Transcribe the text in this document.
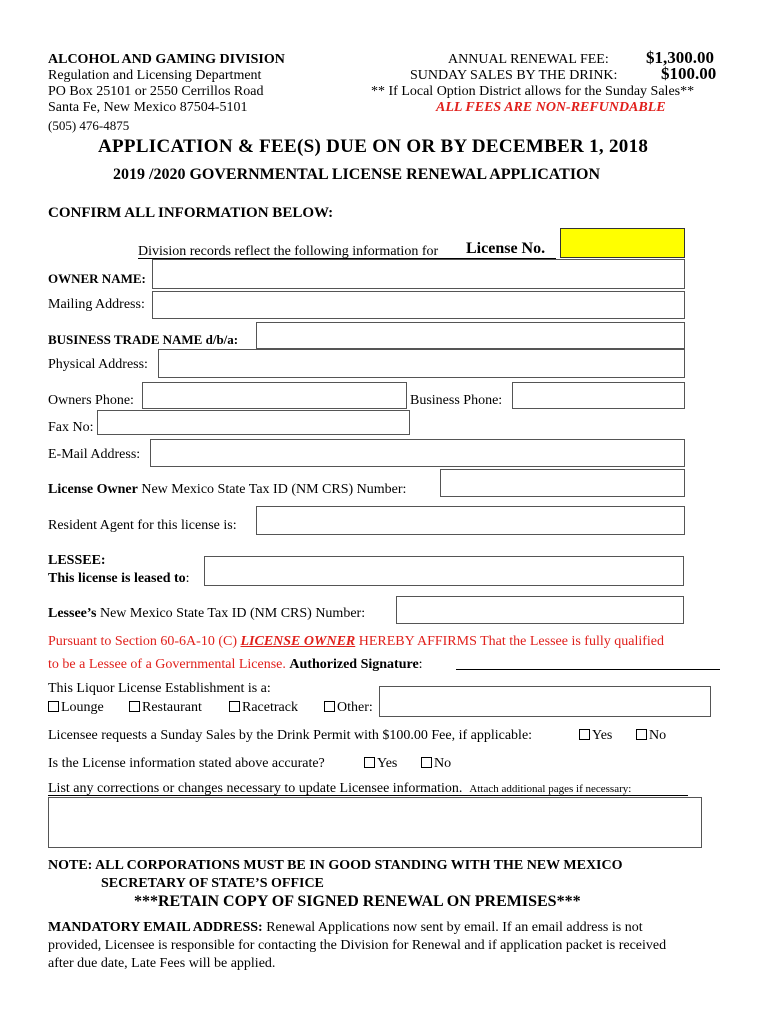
ALCOHOL AND GAMING DIVISION
Regulation and Licensing Department
PO Box 25101 or 2550 Cerrillos Road
Santa Fe, New Mexico 87504-5101
(505) 476-4875
ANNUAL RENEWAL FEE: $1,300.00
SUNDAY SALES BY THE DRINK:	$100.00
** If Local Option District allows for the Sunday Sales**
ALL FEES ARE NON-REFUNDABLE
APPLICATION & FEE(S) DUE ON OR BY DECEMBER 1, 2018
2019 /2020 GOVERNMENTAL LICENSE RENEWAL APPLICATION
CONFIRM ALL INFORMATION BELOW:
Division records reflect the following information for License No.
OWNER NAME:
Mailing Address:
BUSINESS TRADE NAME d/b/a:
Physical Address:
Owners Phone:	Business Phone:
Fax No:
E-Mail Address:
License Owner New Mexico State Tax ID (NM CRS) Number:
Resident Agent for this license is:
LESSEE:
This license is leased to:
Lessee’s New Mexico State Tax ID (NM CRS) Number:
Pursuant to Section 60-6A-10 (C) LICENSE OWNER HEREBY AFFIRMS That the Lessee is fully qualified
to be a Lessee of a Governmental License. Authorized Signature:
This Liquor License Establishment is a:
Lounge	Restaurant	Racetrack	Other:
Licensee requests a Sunday Sales by the Drink Permit with $100.00 Fee, if applicable:	Yes	No
Is the License information stated above accurate?	Yes	No
List any corrections or changes necessary to update Licensee information. Attach additional pages if necessary:
NOTE: ALL CORPORATIONS MUST BE IN GOOD STANDING WITH THE NEW MEXICO
SECRETARY OF STATE’S OFFICE
***RETAIN COPY OF SIGNED RENEWAL ON PREMISES***
MANDATORY EMAIL ADDRESS: Renewal Applications now sent by email. If an email address is not
provided, Licensee is responsible for contacting the Division for Renewal and if application packet is received
after due date, Late Fees will be applied.
